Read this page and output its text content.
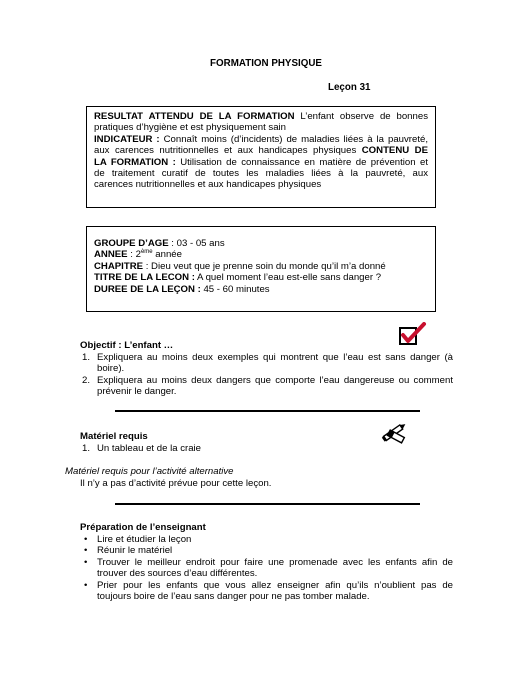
FORMATION PHYSIQUE
Leçon 31
RESULTAT ATTENDU DE LA FORMATION L’enfant observe de bonnes
pratiques d’hygiène et est physiquement sain
INDICATEUR : Connaît moins (d’incidents) de maladies liées à la pauvreté,
aux carences nutritionnelles et aux handicapes physiques CONTENU DE
LA FORMATION : Utilisation de connaissance en matière de prévention et
de traitement curatif de toutes les maladies liées à la pauvreté, aux
carences nutritionnelles et aux handicapes physiques
GROUPE D’AGE : 03 - 05 ans
ANNEE : 2ème année
CHAPITRE : Dieu veut que je prenne soin du monde qu’il m’a donné
TITRE DE LA LECON : A quel moment l’eau est-elle sans danger ?
DUREE DE LA LEÇON : 45 - 60 minutes
Objectif : L’enfant …
1. Expliquera au moins deux exemples qui montrent que l’eau est sans danger (à
boire).
2. Expliquera au moins deux dangers que comporte l’eau dangereuse ou comment
prévenir le danger.
Matériel requis
1. Un tableau et de la craie
Matériel requis pour l’activité alternative
Il n’y a pas d’activité prévue pour cette leçon.
Préparation de l’enseignant
• Lire et étudier la leçon
• Réunir le matériel
• Trouver le meilleur endroit pour faire une promenade avec les enfants afin de
trouver des sources d’eau différentes.
• Prier pour les enfants que vous allez enseigner afin qu’ils n’oublient pas de
toujours boire de l’eau sans danger pour ne pas tomber malade.
